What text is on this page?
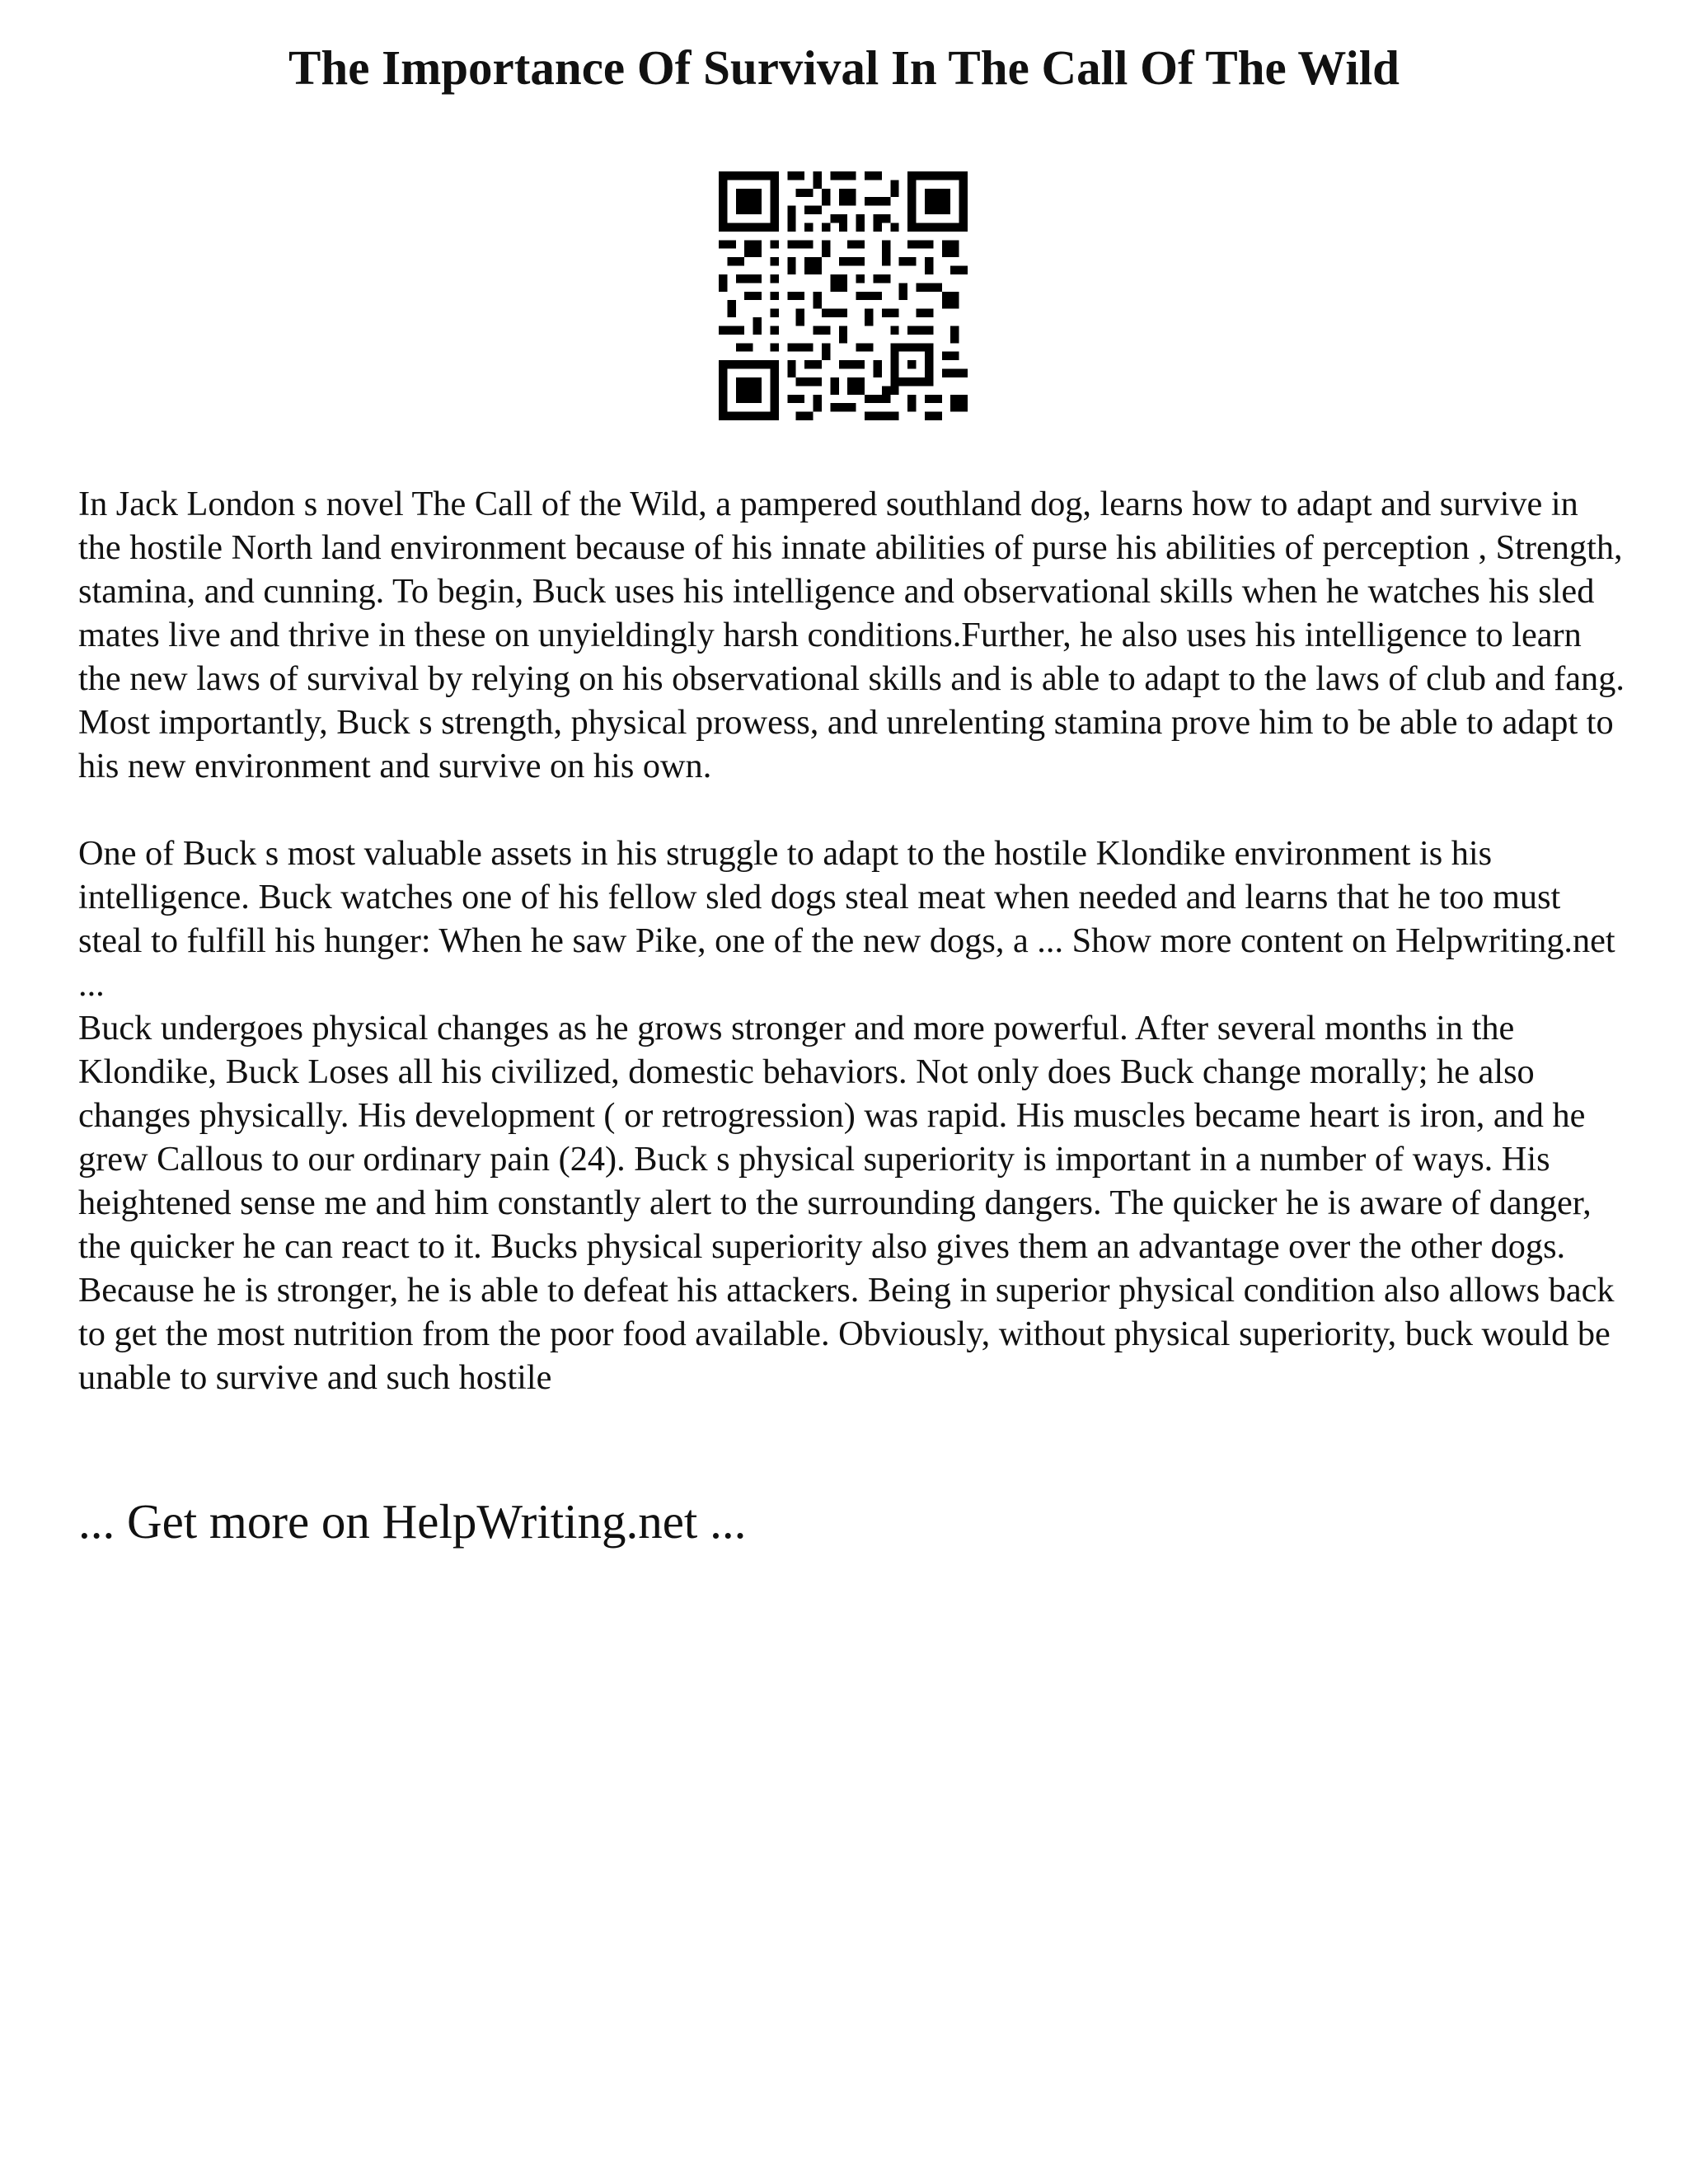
The Importance Of Survival In The Call Of The Wild

In Jack London s novel The Call of the Wild, a pampered southland dog, learns how to adapt and survive in the hostile North land environment because of his innate abilities of purse his abilities of perception , Strength, stamina, and cunning. To begin, Buck uses his intelligence and observational skills when he watches his sled mates live and thrive in these on unyieldingly harsh conditions.Further, he also uses his intelligence to learn the new laws of survival by relying on his observational skills and is able to adapt to the laws of club and fang. Most importantly, Buck s strength, physical prowess, and unrelenting stamina prove him to be able to adapt to his new environment and survive on his own.

One of Buck s most valuable assets in his struggle to adapt to the hostile Klondike environment is his intelligence. Buck watches one of his fellow sled dogs steal meat when needed and learns that he too must steal to fulfill his hunger: When he saw Pike, one of the new dogs, a ... Show more content on Helpwriting.net ...

Buck undergoes physical changes as he grows stronger and more powerful. After several months in the Klondike, Buck Loses all his civilized, domestic behaviors. Not only does Buck change morally; he also changes physically. His development ( or retrogression) was rapid. His muscles became heart is iron, and he grew Callous to our ordinary pain (24). Buck s physical superiority is important in a number of ways. His heightened sense me and him constantly alert to the surrounding dangers. The quicker he is aware of danger, the quicker he can react to it. Bucks physical superiority also gives them an advantage over the other dogs. Because he is stronger, he is able to defeat his attackers. Being in superior physical condition also allows back to get the most nutrition from the poor food available. Obviously, without physical superiority, buck would be unable to survive and such hostile

... Get more on HelpWriting.net ...
